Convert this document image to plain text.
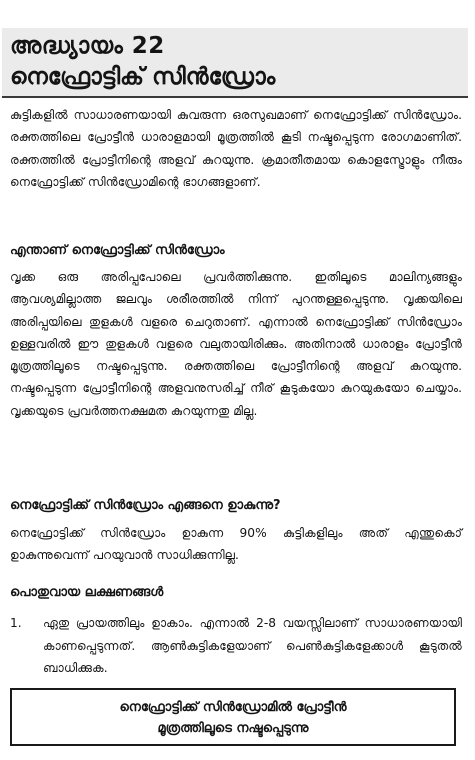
അദ്ധ്യായം 22
നെഫ്രോട്ടിക് സിൻഡ്രോം

കുട്ടികളിൽ സാധാരണയായി കുവരുന്ന ഒരസുഖമാണ് നെഫ്രോട്ടിക്ക് സിൻഡ്രോം. രക്തത്തിലെ പ്രോട്ടീൻ ധാരാളമായി മൂത്രത്തിൽ കൂടി നഷ്ടപ്പെടുന്ന രോഗമാണിത്. രക്തത്തിൽ പ്രോട്ടീനിന്റെ അളവ് കുറയുന്നു. ക്രമാതീതമായ കൊളസ്ട്രോളും നീരും നെഫ്രോട്ടിക്ക് സിൻഡ്രോമിന്റെ ഭാഗങ്ങളാണ്.

എന്താണ് നെഫ്രോട്ടിക്ക് സിൻഡ്രോം

വൃക്ക ഒരു അരിപ്പപോലെ പ്രവർത്തിക്കുന്നു. ഇതിലൂടെ മാലിന്യങ്ങളും ആവശ്യമില്ലാത്ത ജലവും ശരീരത്തിൽ നിന്ന് പുറന്തള്ളപ്പെടുന്നു. വൃക്കയിലെ അരിപ്പയിലെ തുളകൾ വളരെ ചെറുതാണ്. എന്നാൽ നെഫ്രോട്ടിക്ക് സിൻഡ്രോം ഉള്ളവരിൽ ഈ തുളകൾ വളരെ വലുതായിരിക്കും. അതിനാൽ ധാരാളം പ്രോട്ടീൻ മൂത്രത്തിലൂടെ നഷ്ടപ്പെടുന്നു. രക്തത്തിലെ പ്രോട്ടീനിന്റെ അളവ് കുറയുന്നു. നഷ്ടപ്പെടുന്ന പ്രോട്ടീനിന്റെ അളവനുസരിച്ച് നീര് കൂടുകയോ കുറയുകയോ ചെയ്യാം. വൃക്കയുടെ പ്രവർത്തനക്ഷമത കുറയുന്നതു മില്ല.

നെഫ്രോട്ടിക്ക് സിൻഡ്രോം എങ്ങനെ ഉാകുന്നു?

നെഫ്രോട്ടിക്ക് സിൻഡ്രോം ഉാകുന്ന 90% കുട്ടികളിലും അത് എന്തുകൊ് ഉാകുന്നുവെന്ന് പറയുവാൻ സാധിക്കുന്നില്ല.

പൊതുവായ ലക്ഷണങ്ങൾ
1. ഏതു പ്രായത്തിലും ഉാകാം. എന്നാൽ 2-8 വയസ്സിലാണ് സാധാരണയായി കാണപ്പെടുന്നത്. ആൺകുട്ടികളേയാണ് പെൺകുട്ടികളേക്കാൾ കൂടുതൽ ബാധിക്കുക.

നെഫ്രോട്ടിക്ക് സിൻഡ്രോമിൽ പ്രോട്ടീൻ
മൂത്രത്തിലൂടെ നഷ്ടപ്പെടുന്നു
